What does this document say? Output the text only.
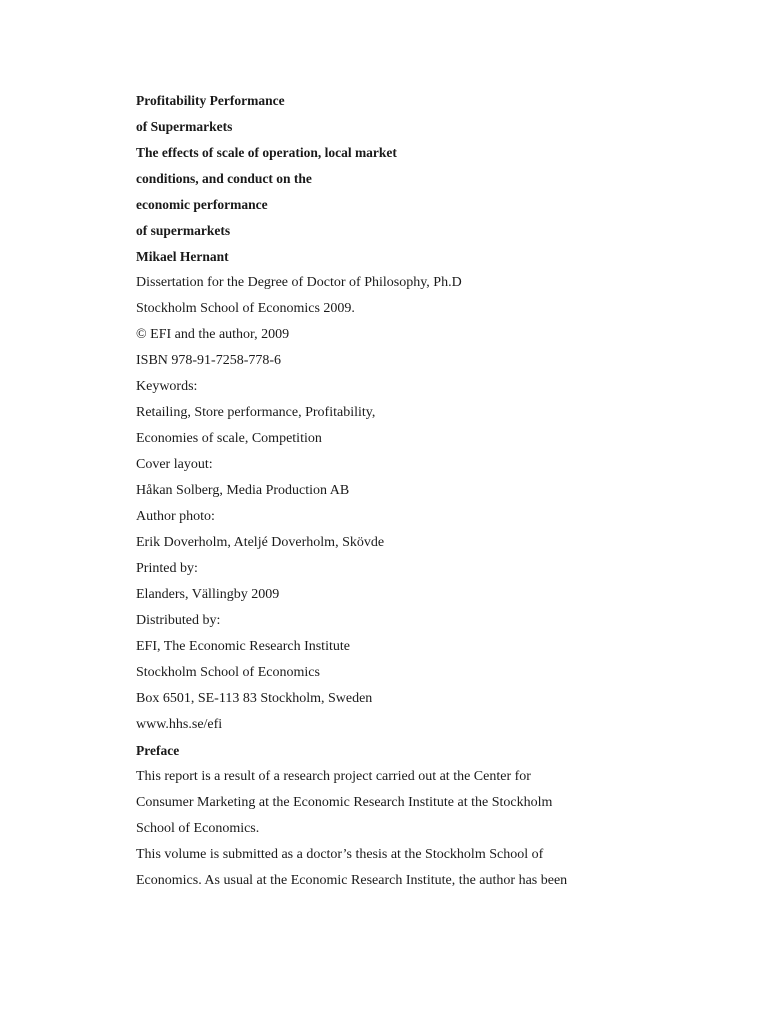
Profitability Performance
of Supermarkets
The effects of scale of operation, local market
conditions, and conduct on the
economic performance
of supermarkets
Mikael Hernant
Dissertation for the Degree of Doctor of Philosophy, Ph.D
Stockholm School of Economics 2009.
© EFI and the author, 2009
ISBN 978-91-7258-778-6
Keywords:
Retailing, Store performance, Profitability,
Economies of scale, Competition
Cover layout:
Håkan Solberg, Media Production AB
Author photo:
Erik Doverholm, Ateljé Doverholm, Skövde
Printed by:
Elanders, Vällingby 2009
Distributed by:
EFI, The Economic Research Institute
Stockholm School of Economics
Box 6501, SE-113 83 Stockholm, Sweden
www.hhs.se/efi
Preface
This report is a result of a research project carried out at the Center for
Consumer Marketing at the Economic Research Institute at the Stockholm
School of Economics.
This volume is submitted as a doctor’s thesis at the Stockholm School of
Economics. As usual at the Economic Research Institute, the author has been
